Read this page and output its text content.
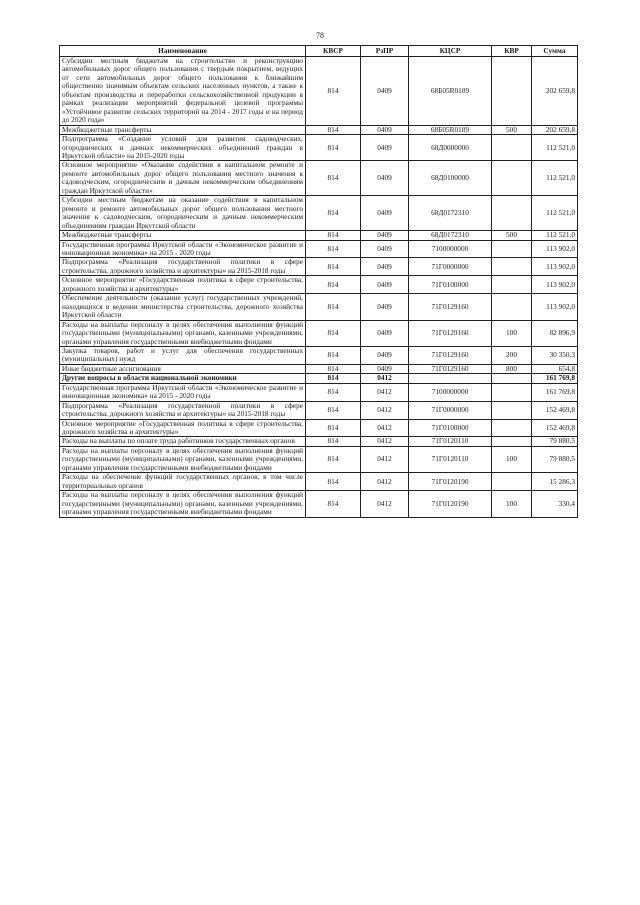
78
Наименование	КВСР	РзПР	КЦСР	КВР	Сумма
Субсидии местным бюджетам на строительство и реконструкцию автомобильных дорог общего пользования с твердым покрытием, ведущих от сети автомобильных дорог общего пользования к ближайшим общественно значимым объектам сельских населенных пунктов, а также к объектам производства и переработки сельскохозяйственной продукции в рамках реализации мероприятий федеральной целевой программы «Устойчивое развитие сельских территорий на 2014 - 2017 годы и на период до 2020 года»	814	0409	68Б05R0189		202 659,8
Межбюджетные трансферты	814	0409	68Б05R0189	500	202 659,8
Подпрограмма «Создание условий для развития садоводческих, огороднических и дачных некоммерческих объединений граждан в Иркутской области» на 2015-2020 годы	814	0409	68Д0000000		112 521,0
Основное мероприятие «Оказание содействия в капитальном ремонте и ремонте автомобильных дорог общего пользования местного значения к садоводческим, огородническим и дачным некоммерческим объединениям граждан Иркутской области»	814	0409	68Д0100000		112 521,0
Субсидии местным бюджетам на оказание содействия в капитальном ремонте и ремонте автомобильных дорог общего пользования местного значения к садоводческим, огородническим и дачным некоммерческим объединениям граждан Иркутской области	814	0409	68Д0172310		112 521,0
Межбюджетные трансферты	814	0409	68Д0172310	500	112 521,0
Государственная программа Иркутской области «Экономическое развитие и инновационная экономика» на 2015 - 2020 годы	814	0409	7100000000		113 902,0
Подпрограмма «Реализация государственной политики в сфере строительства, дорожного хозяйства и архитектуры» на 2015-2018 годы	814	0409	71Г0000000		113 902,0
Основное мероприятие «Государственная политика в сфере строительства, дорожного хозяйства и архитектуры»	814	0409	71Г0100000		113 902,0
Обеспечение деятельности (оказание услуг) государственных учреждений, находящихся в ведении министерства строительства, дорожного хозяйства Иркутской области	814	0409	71Г0129160		113 902,0
Расходы на выплаты персоналу в целях обеспечения выполнения функций государственными (муниципальными) органами, казенными учреждениями, органами управления государственными внебюджетными фондами	814	0409	71Г0129160	100	82 896,9
Закупка товаров, работ и услуг для обеспечения государственных (муниципальных) нужд	814	0409	71Г0129160	200	30 350,3
Иные бюджетные ассигнования	814	0409	71Г0129160	800	654,8
Другие вопросы в области национальной экономики	814	0412			161 769,8
Государственная программа Иркутской области «Экономическое развитие и инновационная экономика» на 2015 - 2020 годы	814	0412	7100000000		161 769,8
Подпрограмма «Реализация государственной политики в сфере строительства, дорожного хозяйства и архитектуры» на 2015-2018 годы	814	0412	71Г0000000		152 469,8
Основное мероприятие «Государственная политика в сфере строительства, дорожного хозяйства и архитектуры»	814	0412	71Г0100000		152 469,8
Расходы на выплаты по оплате труда работников государственных органов	814	0412	71Г0120110		79 880,5
Расходы на выплаты персоналу в целях обеспечения выполнения функций государственными (муниципальными) органами, казенными учреждениями, органами управления государственными внебюджетными фондами	814	0412	71Г0120110	100	79 880,5
Расходы на обеспечение функций государственных органов, в том числе территориальных органов	814	0412	71Г0120190		15 286,3
Расходы на выплаты персоналу в целях обеспечения выполнения функций государственными (муниципальными) органами, казенными учреждениями, органами управления государственными внебюджетными фондами	814	0412	71Г0120190	100	330,4
